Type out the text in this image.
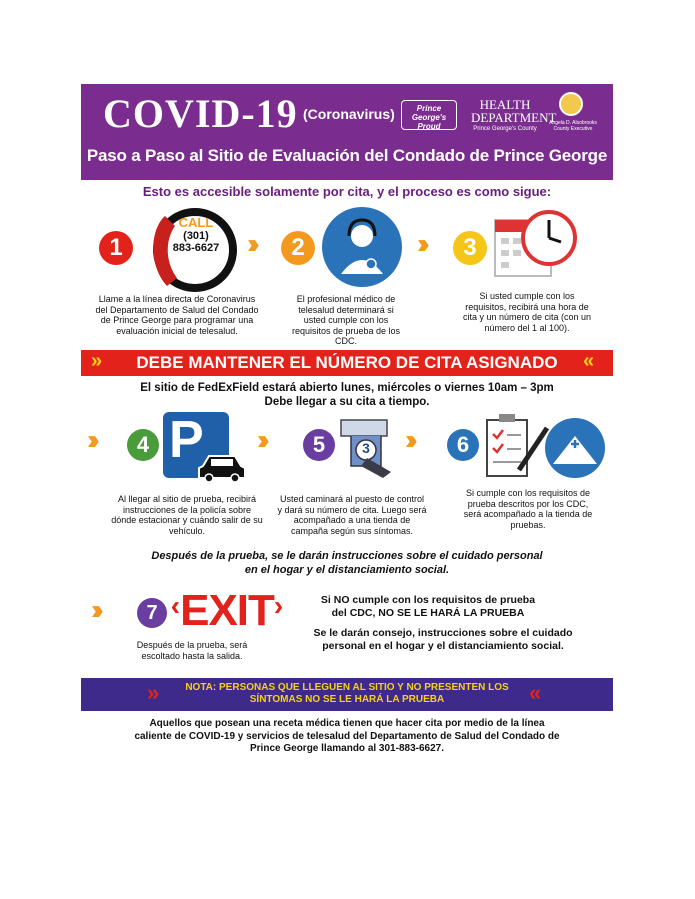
COVID-19 (Coronavirus)	Prince George's Proud
HEALTH
DEPARTMENT
Prince George's County
Angela D. Alsobrooks County Executive
Paso a Paso al Sitio de Evaluación del Condado de Prince George
Esto es accesible solamente por cita, y el proceso es como sigue:
1
CALL
(301)
883-6627 ››	2	››	3
Llame a la línea directa de Coronavirus del Departamento de Salud del Condado de Prince George para programar una evaluación inicial de telesalud.
El profesional médico de telesalud determinará si usted cumple con los requisitos de prueba de los CDC.
Si usted cumple con los requisitos, recibirá una hora de cita y un número de cita (con un número del 1 al 100).
»	DEBE MANTENER EL NÚMERO DE CITA ASIGNADO	«
El sitio de FedExField estará abierto lunes, miércoles o viernes 10am – 3pm
Debe llegar a su cita a tiempo.
››	4 P ››	5	3 ››	6
Al llegar al sitio de prueba, recibirá instrucciones de la policía sobre dónde estacionar y cuándo salir de su vehículo.
Usted caminará al puesto de control y dará su número de cita. Luego será acompañado a una tienda de campaña según sus síntomas.
Si cumple con los requisitos de prueba descritos por los CDC, será acompañado a la tienda de pruebas.
Después de la prueba, se le darán instrucciones sobre el cuidado personal en el hogar y el distanciamiento social.
››	7 ‹EXIT›
Después de la prueba, será escoltado hasta la salida.
Si NO cumple con los requisitos de prueba del CDC, NO SE LE HARÁ LA PRUEBA
Se le darán consejo, instrucciones sobre el cuidado personal en el hogar y el distanciamiento social.
»	NOTA: PERSONAS QUE LLEGUEN AL SITIO Y NO PRESENTEN LOS SÍNTOMAS NO SE LE HARÁ LA PRUEBA	«
Aquellos que posean una receta médica tienen que hacer cita por medio de la línea caliente de COVID-19 y servicios de telesalud del Departamento de Salud del Condado de Prince George llamando al 301-883-6627.
